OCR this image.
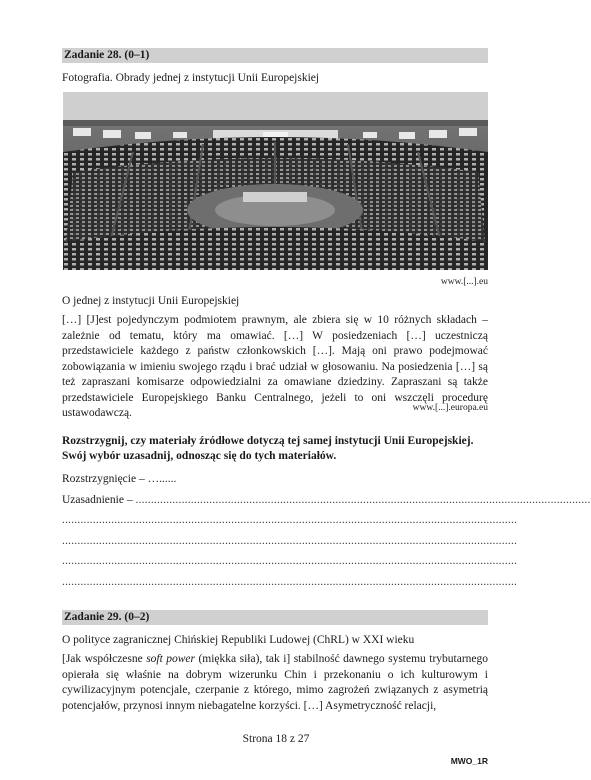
Zadanie 28. (0–1)
Fotografia. Obrady jednej z instytucji Unii Europejskiej
www.[...].eu
O jednej z instytucji Unii Europejskiej

[…] [J]est pojedynczym podmiotem prawnym, ale zbiera się w 10 różnych składach – zależnie od tematu, który ma omawiać. […] W posiedzeniach […] uczestniczą przedstawiciele każdego z państw członkowskich […]. Mają oni prawo podejmować zobowiązania w imieniu swojego rządu i brać udział w głosowaniu. Na posiedzenia […] są też zapraszani komisarze odpowiedzialni za omawiane dziedziny. Zapraszani są także przedstawiciele Europejskiego Banku Centralnego, jeżeli to oni wszczęli procedurę ustawodawczą.	www.[...].europa.eu
Rozstrzygnij, czy materiały źródłowe dotyczą tej samej instytucji Unii Europejskiej. Swój wybór uzasadnij, odnosząc się do tych materiałów.
Rozstrzygnięcie – …......
Uzasadnienie – ....................................................................................................................................................
....................................................................................................................................................
....................................................................................................................................................
....................................................................................................................................................
....................................................................................................................................................
Zadanie 29. (0–2)
O polityce zagranicznej Chińskiej Republiki Ludowej (ChRL) w XXI wieku

[Jak współczesne soft power (miękka siła), tak i] stabilność dawnego systemu trybutarnego opierała się właśnie na dobrym wizerunku Chin i przekonaniu o ich kulturowym i cywilizacyjnym potencjale, czerpanie z którego, mimo zagrożeń związanych z asymetrią potencjałów, przynosi innym niebagatelne korzyści. […] Asymetryczność relacji,

Strona 18 z 27
MWO_1R
